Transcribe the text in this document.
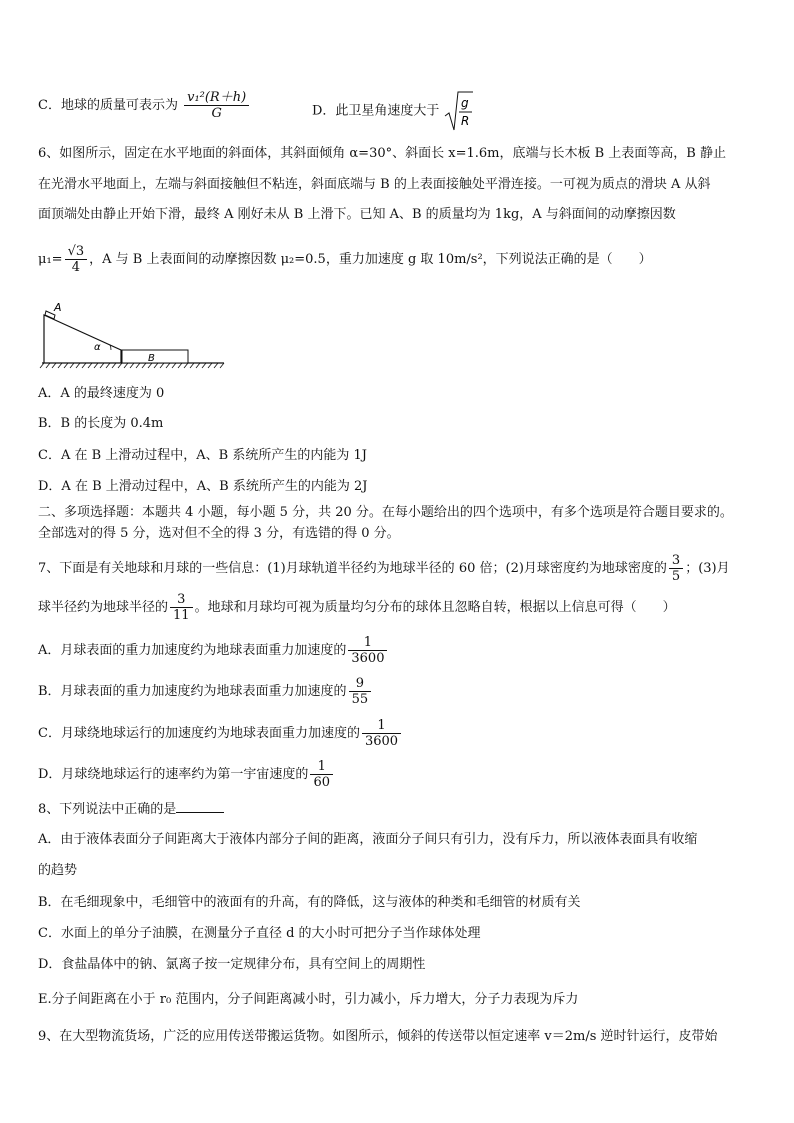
C．地球的质量可表示为 $\frac{\text{v₁²(R＋h)}}{G}$	D．此卫星角速度大于
g
R
6、如图所示，固定在水平地面的斜面体，其斜面倾角 α=30°、斜面长 x=1.6m，底端与长木板 B 上表面等高，B 静止
在光滑水平地面上，左端与斜面接触但不粘连，斜面底端与 B 的上表面接触处平滑连接。一可视为质点的滑块 A 从斜
面顶端处由静止开始下滑，最终 A 刚好未从 B 上滑下。已知 A、B 的质量均为 1kg，A 与斜面间的动摩擦因数
$\mu_1= \frac{√3}{4}$ ，A 与 B 上表面间的动摩擦因数 μ₂=0.5，重力加速度 g 取 10m/s²，下列说法正确的是（　　）
A
α
B
A．A 的最终速度为 0
B．B 的长度为 0.4m
C．A 在 B 上滑动过程中，A、B 系统所产生的内能为 1J
D．A 在 B 上滑动过程中，A、B 系统所产生的内能为 2J
二、多项选择题：本题共 4 小题，每小题 5 分，共 20 分。在每小题给出的四个选项中，有多个选项是符合题目要求的。
全部选对的得 5 分，选对但不全的得 3 分，有选错的得 0 分。
7、下面是有关地球和月球的一些信息：(1)月球轨道半径约为地球半径的 60 倍；(2)月球密度约为地球密度的 $\frac{3}{5}$ ；(3)月
球半径约为地球半径的 $\frac{3}{11}$ 。地球和月球均可视为质量均匀分布的球体且忽略自转，根据以上信息可得（　　）
A．月球表面的重力加速度约为地球表面重力加速度的 $\frac{1}{3600}$
B．月球表面的重力加速度约为地球表面重力加速度的 $\frac{9}{55}$
C．月球绕地球运行的加速度约为地球表面重力加速度的 $\frac{1}{3600}$
D．月球绕地球运行的速率约为第一宇宙速度的 $\frac{1}{60}$
8、下列说法中正确的是
A．由于液体表面分子间距离大于液体内部分子间的距离，液面分子间只有引力，没有斥力，所以液体表面具有收缩
的趋势
B．在毛细现象中，毛细管中的液面有的升高，有的降低，这与液体的种类和毛细管的材质有关
C．水面上的单分子油膜，在测量分子直径 d 的大小时可把分子当作球体处理
D．食盐晶体中的钠、氯离子按一定规律分布，具有空间上的周期性
E.分子间距离在小于 r₀ 范围内，分子间距离减小时，引力减小，斥力增大，分子力表现为斥力
9、在大型物流货场，广泛的应用传送带搬运货物。如图所示，倾斜的传送带以恒定速率 v＝2m/s 逆时针运行，皮带始
